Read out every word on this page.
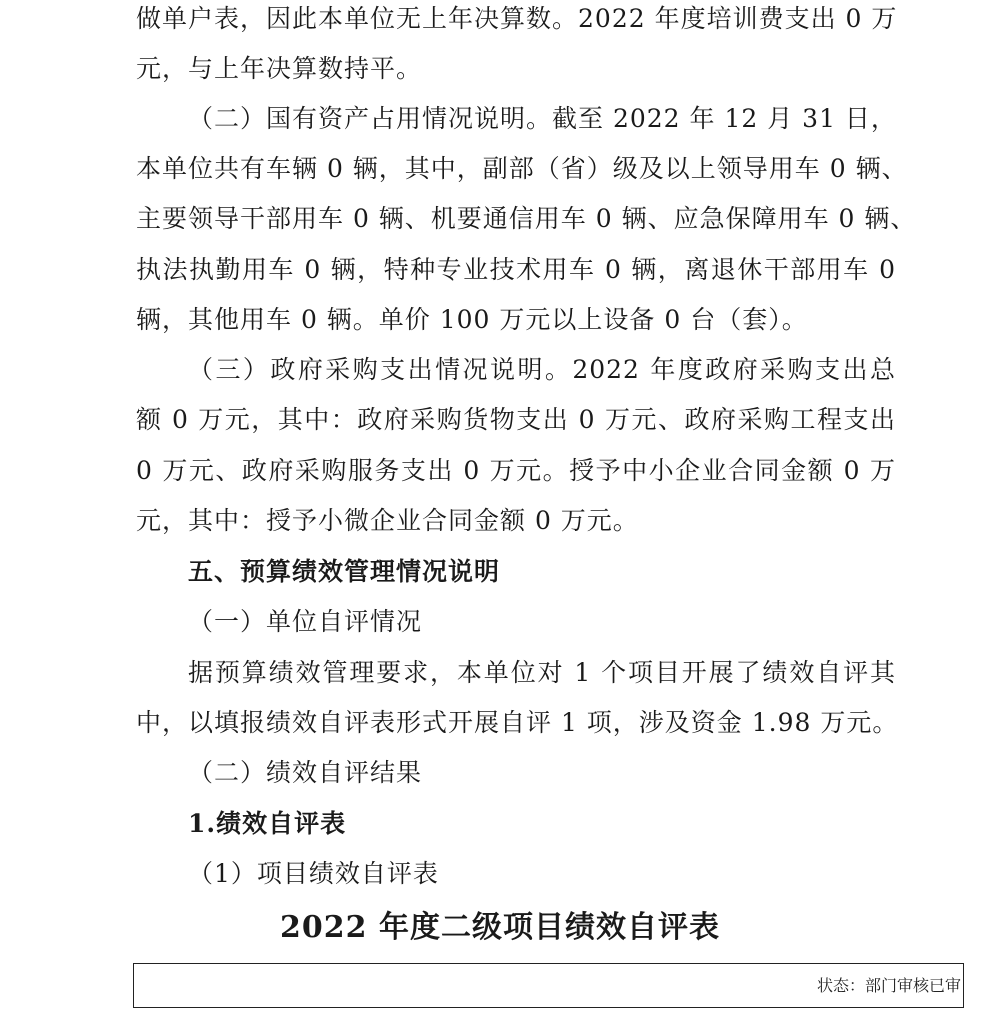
做单户表，因此本单位无上年决算数。2022 年度培训费支出 0 万
元，与上年决算数持平。
（二）国有资产占用情况说明。截至 2022 年 12 月 31 日，
本单位共有车辆 0 辆，其中，副部（省）级及以上领导用车 0 辆、
主要领导干部用车 0 辆、机要通信用车 0 辆、应急保障用车 0 辆、
执法执勤用车 0 辆，特种专业技术用车 0 辆，离退休干部用车 0
辆，其他用车 0 辆。单价 100 万元以上设备 0 台（套）。
（三）政府采购支出情况说明。2022 年度政府采购支出总
额 0 万元，其中：政府采购货物支出 0 万元、政府采购工程支出
0 万元、政府采购服务支出 0 万元。授予中小企业合同金额 0 万
元，其中：授予小微企业合同金额 0 万元。
五、预算绩效管理情况说明
（一）单位自评情况
据预算绩效管理要求，本单位对 1 个项目开展了绩效自评其
中，以填报绩效自评表形式开展自评 1 项，涉及资金 1.98 万元。
（二）绩效自评结果
1.绩效自评表
（1）项目绩效自评表
2022 年度二级项目绩效自评表
状态：部门审核已审
